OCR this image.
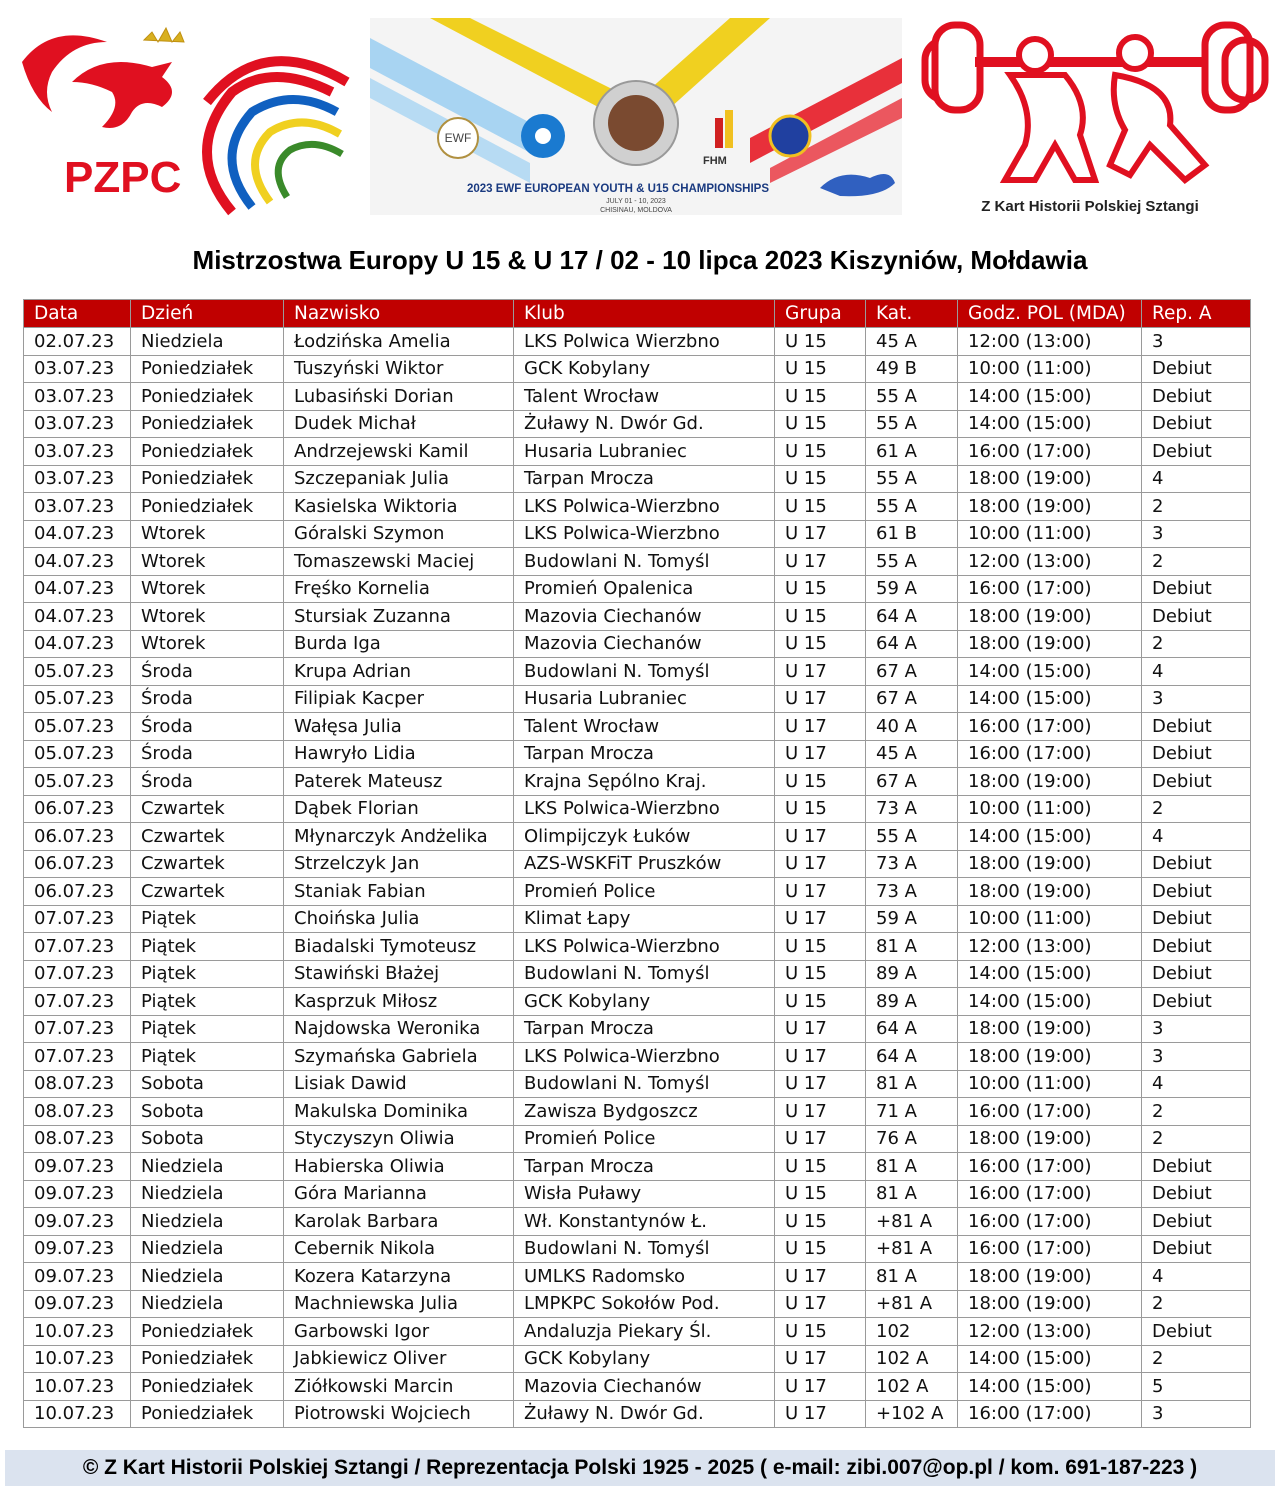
PZPC
EWF
FHM
2023 EWF EUROPEAN YOUTH & U15 CHAMPIONSHIPS
JULY 01 - 10, 2023
CHISINAU, MOLDOVA	Z Kart Historii Polskiej Sztangi
Mistrzostwa Europy U 15 & U 17 / 02 - 10 lipca 2023 Kiszyniów, Mołdawia
Data	Dzień	Nazwisko	Klub	Grupa	Kat.	Godz. POL (MDA)	Rep. A
02.07.23	Niedziela	Łodzińska Amelia	LKS Polwica Wierzbno	U 15	45 A	12:00 (13:00)	3
03.07.23	Poniedziałek	Tuszyński Wiktor	GCK Kobylany	U 15	49 B	10:00 (11:00)	Debiut
03.07.23	Poniedziałek	Lubasiński Dorian	Talent Wrocław	U 15	55 A	14:00 (15:00)	Debiut
03.07.23	Poniedziałek	Dudek Michał	Żuławy N. Dwór Gd.	U 15	55 A	14:00 (15:00)	Debiut
03.07.23	Poniedziałek	Andrzejewski Kamil	Husaria Lubraniec	U 15	61 A	16:00 (17:00)	Debiut
03.07.23	Poniedziałek	Szczepaniak Julia	Tarpan Mrocza	U 15	55 A	18:00 (19:00)	4
03.07.23	Poniedziałek	Kasielska Wiktoria	LKS Polwica-Wierzbno	U 15	55 A	18:00 (19:00)	2
04.07.23	Wtorek	Góralski Szymon	LKS Polwica-Wierzbno	U 17	61 B	10:00 (11:00)	3
04.07.23	Wtorek	Tomaszewski Maciej	Budowlani N. Tomyśl	U 17	55 A	12:00 (13:00)	2
04.07.23	Wtorek	Fręśko Kornelia	Promień Opalenica	U 15	59 A	16:00 (17:00)	Debiut
04.07.23	Wtorek	Stursiak Zuzanna	Mazovia Ciechanów	U 15	64 A	18:00 (19:00)	Debiut
04.07.23	Wtorek	Burda Iga	Mazovia Ciechanów	U 15	64 A	18:00 (19:00)	2
05.07.23	Środa	Krupa Adrian	Budowlani N. Tomyśl	U 17	67 A	14:00 (15:00)	4
05.07.23	Środa	Filipiak Kacper	Husaria Lubraniec	U 17	67 A	14:00 (15:00)	3
05.07.23	Środa	Wałęsa Julia	Talent Wrocław	U 17	40 A	16:00 (17:00)	Debiut
05.07.23	Środa	Hawryło Lidia	Tarpan Mrocza	U 17	45 A	16:00 (17:00)	Debiut
05.07.23	Środa	Paterek Mateusz	Krajna Sępólno Kraj.	U 15	67 A	18:00 (19:00)	Debiut
06.07.23	Czwartek	Dąbek Florian	LKS Polwica-Wierzbno	U 15	73 A	10:00 (11:00)	2
06.07.23	Czwartek	Młynarczyk Andżelika	Olimpijczyk Łuków	U 17	55 A	14:00 (15:00)	4
06.07.23	Czwartek	Strzelczyk Jan	AZS-WSKFiT Pruszków	U 17	73 A	18:00 (19:00)	Debiut
06.07.23	Czwartek	Staniak Fabian	Promień Police	U 17	73 A	18:00 (19:00)	Debiut
07.07.23	Piątek	Choińska Julia	Klimat Łapy	U 17	59 A	10:00 (11:00)	Debiut
07.07.23	Piątek	Biadalski Tymoteusz	LKS Polwica-Wierzbno	U 15	81 A	12:00 (13:00)	Debiut
07.07.23	Piątek	Stawiński Błażej	Budowlani N. Tomyśl	U 15	89 A	14:00 (15:00)	Debiut
07.07.23	Piątek	Kasprzuk Miłosz	GCK Kobylany	U 15	89 A	14:00 (15:00)	Debiut
07.07.23	Piątek	Najdowska Weronika	Tarpan Mrocza	U 17	64 A	18:00 (19:00)	3
07.07.23	Piątek	Szymańska Gabriela	LKS Polwica-Wierzbno	U 17	64 A	18:00 (19:00)	3
08.07.23	Sobota	Lisiak Dawid	Budowlani N. Tomyśl	U 17	81 A	10:00 (11:00)	4
08.07.23	Sobota	Makulska Dominika	Zawisza Bydgoszcz	U 17	71 A	16:00 (17:00)	2
08.07.23	Sobota	Styczyszyn Oliwia	Promień Police	U 17	76 A	18:00 (19:00)	2
09.07.23	Niedziela	Habierska Oliwia	Tarpan Mrocza	U 15	81 A	16:00 (17:00)	Debiut
09.07.23	Niedziela	Góra Marianna	Wisła Puławy	U 15	81 A	16:00 (17:00)	Debiut
09.07.23	Niedziela	Karolak Barbara	Wł. Konstantynów Ł.	U 15	+81 A	16:00 (17:00)	Debiut
09.07.23	Niedziela	Cebernik Nikola	Budowlani N. Tomyśl	U 15	+81 A	16:00 (17:00)	Debiut
09.07.23	Niedziela	Kozera Katarzyna	UMLKS Radomsko	U 17	81 A	18:00 (19:00)	4
09.07.23	Niedziela	Machniewska Julia	LMPKPC Sokołów Pod.	U 17	+81 A	18:00 (19:00)	2
10.07.23	Poniedziałek	Garbowski Igor	Andaluzja Piekary Śl.	U 15	102	12:00 (13:00)	Debiut
10.07.23	Poniedziałek	Jabkiewicz Oliver	GCK Kobylany	U 17	102 A	14:00 (15:00)	2
10.07.23	Poniedziałek	Ziółkowski Marcin	Mazovia Ciechanów	U 17	102 A	14:00 (15:00)	5
10.07.23	Poniedziałek	Piotrowski Wojciech	Żuławy N. Dwór Gd.	U 17	+102 A	16:00 (17:00)	3
© Z Kart Historii Polskiej Sztangi / Reprezentacja Polski 1925 - 2025 ( e-mail: zibi.007@op.pl / kom. 691-187-223 )
